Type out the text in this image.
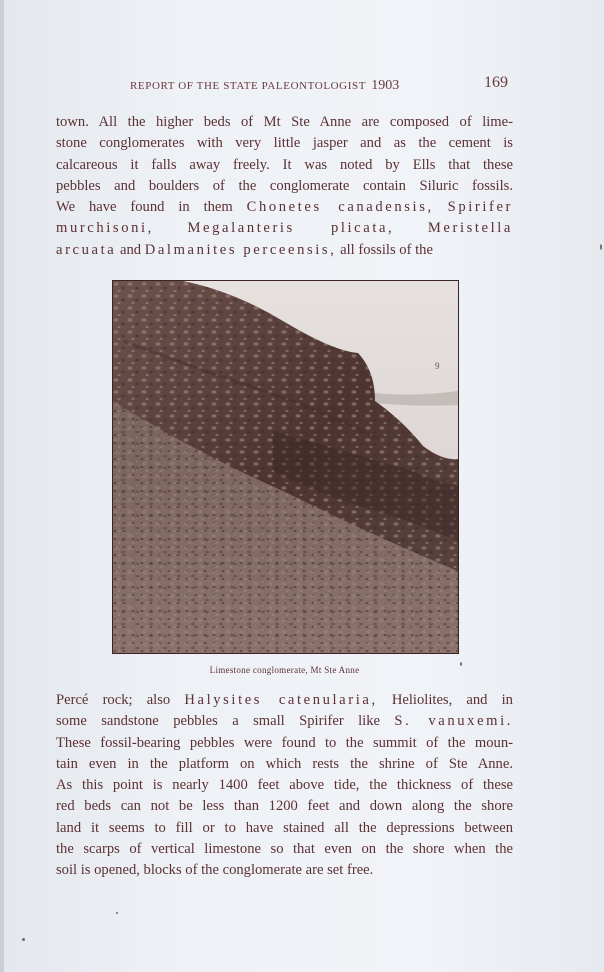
REPORT OF THE STATE PALEONTOLOGIST 1903	169
town. All the higher beds of Mt Ste Anne are composed of lime-
stone conglomerates with very little jasper and as the cement is
calcareous it falls away freely. It was noted by Ells that these
pebbles and boulders of the conglomerate contain Siluric fossils.
We have found in them Chonetes canadensis, Spirifer
murchisoni, Megalanteris plicata, Meristella
arcuata and Dalmanites perceensis, all fossils of the
9
Limestone conglomerate, Mt Ste Anne
Percé rock; also Halysites catenularia, Heliolites, and in
some sandstone pebbles a small Spirifer like S. vanuxemi.
These fossil-bearing pebbles were found to the summit of the moun-
tain even in the platform on which rests the shrine of Ste Anne.
As this point is nearly 1400 feet above tide, the thickness of these
red beds can not be less than 1200 feet and down along the shore
land it seems to fill or to have stained all the depressions between
the scarps of vertical limestone so that even on the shore when the
soil is opened, blocks of the conglomerate are set free.
